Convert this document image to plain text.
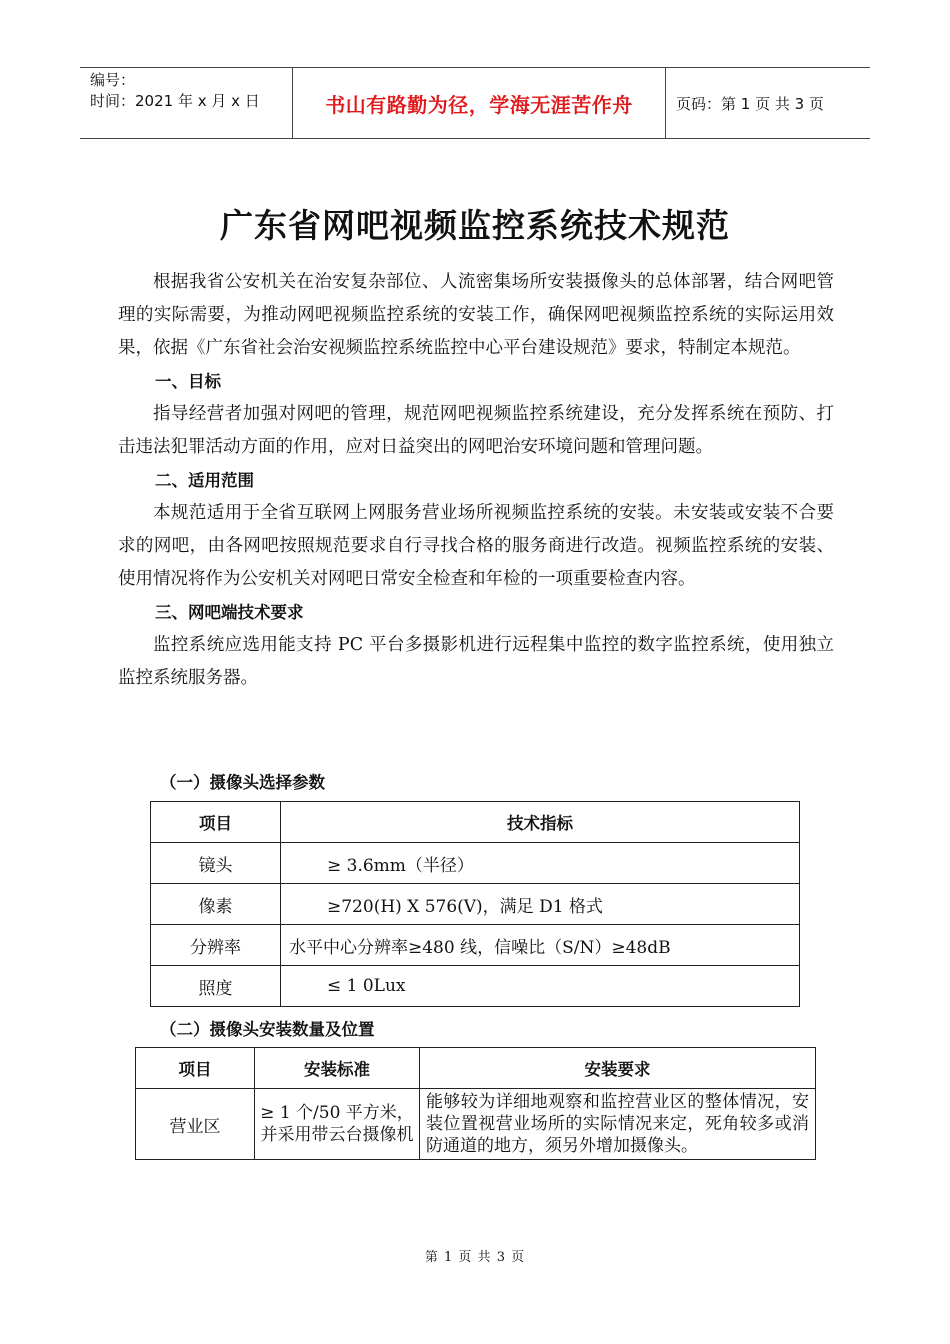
编号：
时间：2021 年 x 月 x 日	书山有路勤为径，学海无涯苦作舟	页码：第 1 页 共 3 页
广东省网吧视频监控系统技术规范

根据我省公安机关在治安复杂部位、人流密集场所安装摄像头的总体部署，结合网吧管理的实际需要，为推动网吧视频监控系统的安装工作，确保网吧视频监控系统的实际运用效果，依据《广东省社会治安视频监控系统监控中心平台建设规范》要求，特制定本规范。

一、目标

指导经营者加强对网吧的管理，规范网吧视频监控系统建设，充分发挥系统在预防、打击违法犯罪活动方面的作用，应对日益突出的网吧治安环境问题和管理问题。

二、适用范围

本规范适用于全省互联网上网服务营业场所视频监控系统的安装。未安装或安装不合要求的网吧，由各网吧按照规范要求自行寻找合格的服务商进行改造。视频监控系统的安装、使用情况将作为公安机关对网吧日常安全检查和年检的一项重要检查内容。

三、网吧端技术要求

监控系统应选用能支持 PC 平台多摄影机进行远程集中监控的数字监控系统，使用独立监控系统服务器。

（一）摄像头选择参数
项目	技术指标
镜头	≥ 3.6mm（半径）
像素	≥720(H) X 576(V)，满足 D1 格式
分辨率	水平中心分辨率≥480 线，信噪比（S/N）≥48dB
照度	≤ 1 0Lux
（二）摄像头安装数量及位置
项目	安装标准	安装要求
营业区	≥ 1 个/50 平方米，并采用带云台摄像机	能够较为详细地观察和监控营业区的整体情况，安装位置视营业场所的实际情况来定，死角较多或消防通道的地方，须另外增加摄像头。
第 1 页 共 3 页
